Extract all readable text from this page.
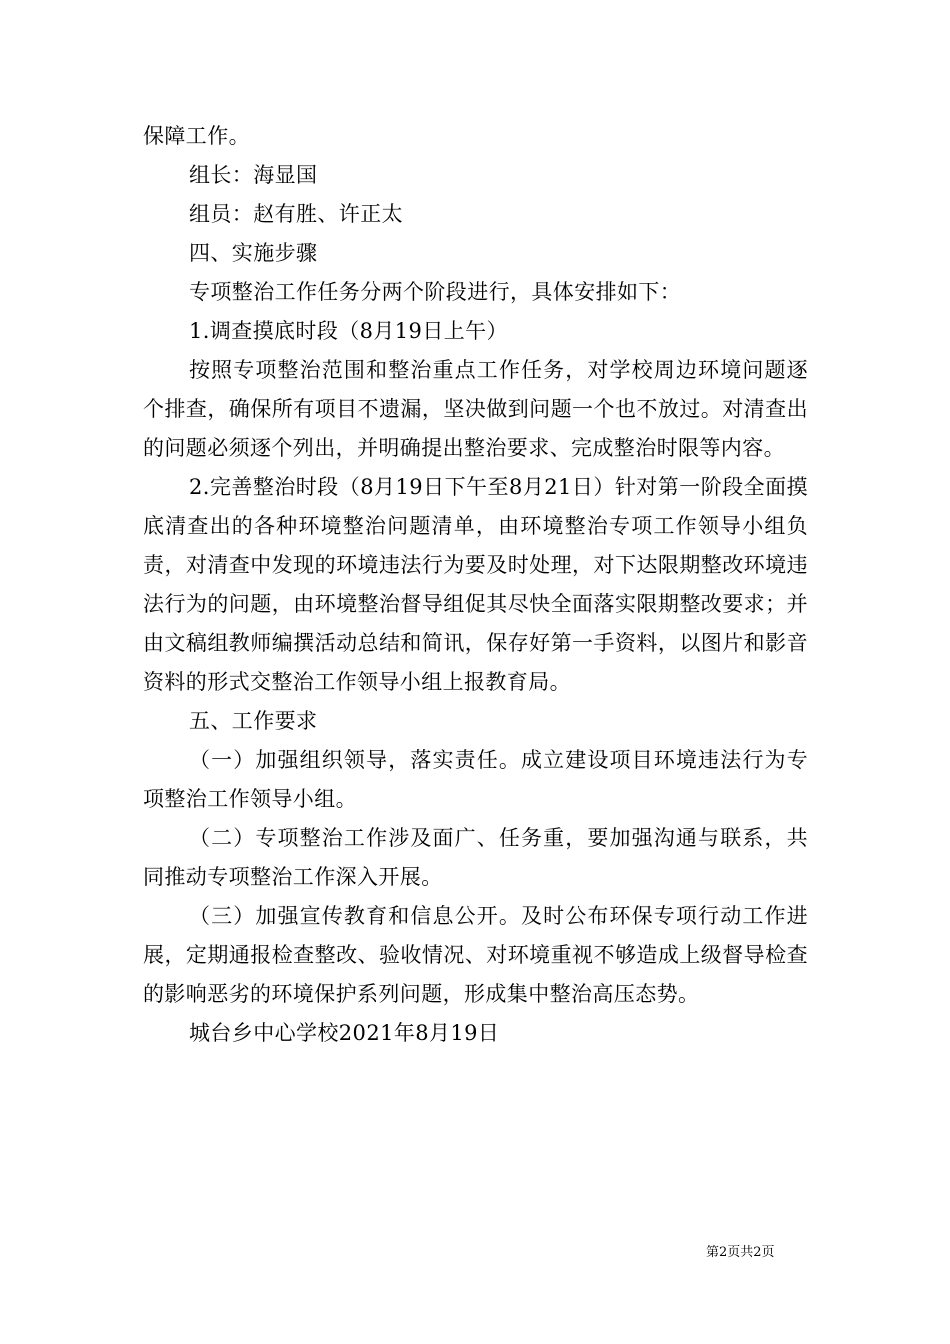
保障工作。

组长：海显国

组员：赵有胜、许正太

四、实施步骤

专项整治工作任务分两个阶段进行，具体安排如下：

1.调查摸底时段（8月19日上午）

按照专项整治范围和整治重点工作任务，对学校周边环境问题逐个排查，确保所有项目不遗漏，坚决做到问题一个也不放过。对清查出的问题必须逐个列出，并明确提出整治要求、完成整治时限等内容。

2.完善整治时段（8月19日下午至8月21日）针对第一阶段全面摸底清查出的各种环境整治问题清单，由环境整治专项工作领导小组负责，对清查中发现的环境违法行为要及时处理，对下达限期整改环境违法行为的问题，由环境整治督导组促其尽快全面落实限期整改要求；并由文稿组教师编撰活动总结和简讯，保存好第一手资料，以图片和影音资料的形式交整治工作领导小组上报教育局。

五、工作要求

（一）加强组织领导，落实责任。成立建设项目环境违法行为专项整治工作领导小组。

（二）专项整治工作涉及面广、任务重，要加强沟通与联系，共同推动专项整治工作深入开展。

（三）加强宣传教育和信息公开。及时公布环保专项行动工作进展，定期通报检查整改、验收情况、对环境重视不够造成上级督导检查的影响恶劣的环境保护系列问题，形成集中整治高压态势。

城台乡中心学校2021年8月19日

第2页共2页
